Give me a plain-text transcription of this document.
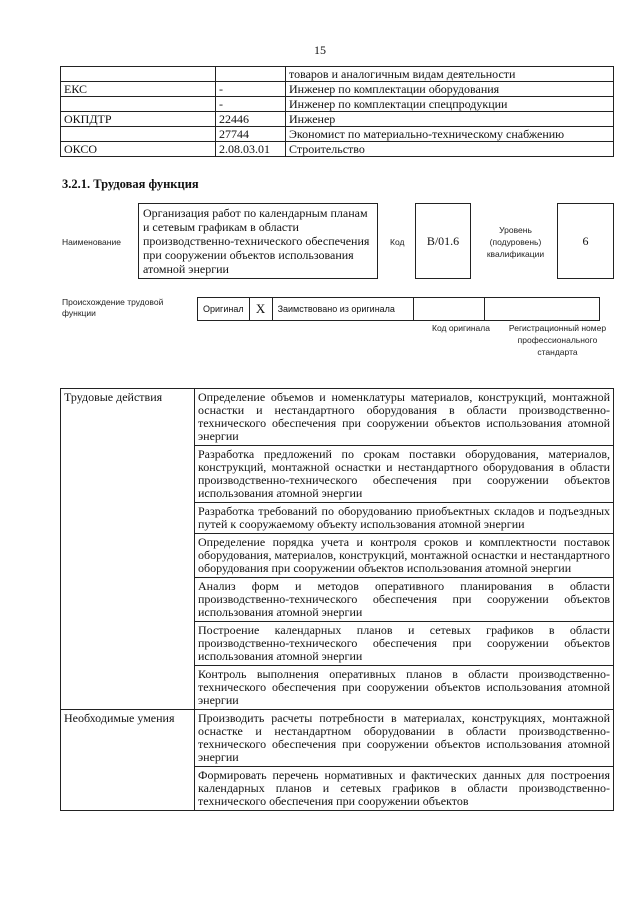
15
		товаров и аналогичным видам деятельности
ЕКС	-	Инженер по комплектации оборудования
	-	Инженер по комплектации спецпродукции
ОКПДТР	22446	Инженер
	27744	Экономист по материально-техническому снабжению
ОКСО	2.08.03.01	Строительство
3.2.1. Трудовая функция
Наименование
Организация работ по календарным планам и сетевым графикам в области производственно-технического обеспечения при сооружении объектов использования атомной энергии
Код	B/01.6
Уровень (подуровень) квалификации
6
Происхождение трудовой функции	Оригинал	X	Заимствовано из оригинала		
Код оригинала	Регистрационный номер профессионального стандарта
Трудовые действия	Определение объемов и номенклатуры материалов, конструкций, монтажной оснастки и нестандартного оборудования в области производственно-технического обеспечения при сооружении объектов использования атомной энергии
	Разработка предложений по срокам поставки оборудования, материалов, конструкций, монтажной оснастки и нестандартного оборудования в области производственно-технического обеспечения при сооружении объектов использования атомной энергии
	Разработка требований по оборудованию приобъектных складов и подъездных путей к сооружаемому объекту использования атомной энергии
	Определение порядка учета и контроля сроков и комплектности поставок оборудования, материалов, конструкций, монтажной оснастки и нестандартного оборудования при сооружении объектов использования атомной энергии
	Анализ форм и методов оперативного планирования в области производственно-технического обеспечения при сооружении объектов использования атомной энергии
	Построение календарных планов и сетевых графиков в области производственно-технического обеспечения при сооружении объектов использования атомной энергии
	Контроль выполнения оперативных планов в области производственно-технического обеспечения при сооружении объектов использования атомной энергии
Необходимые умения	Производить расчеты потребности в материалах, конструкциях, монтажной оснастке и нестандартном оборудовании в области производственно-технического обеспечения при сооружении объектов использования атомной энергии
	Формировать перечень нормативных и фактических данных для построения календарных планов и сетевых графиков в области производственно-технического обеспечения при сооружении объектов
